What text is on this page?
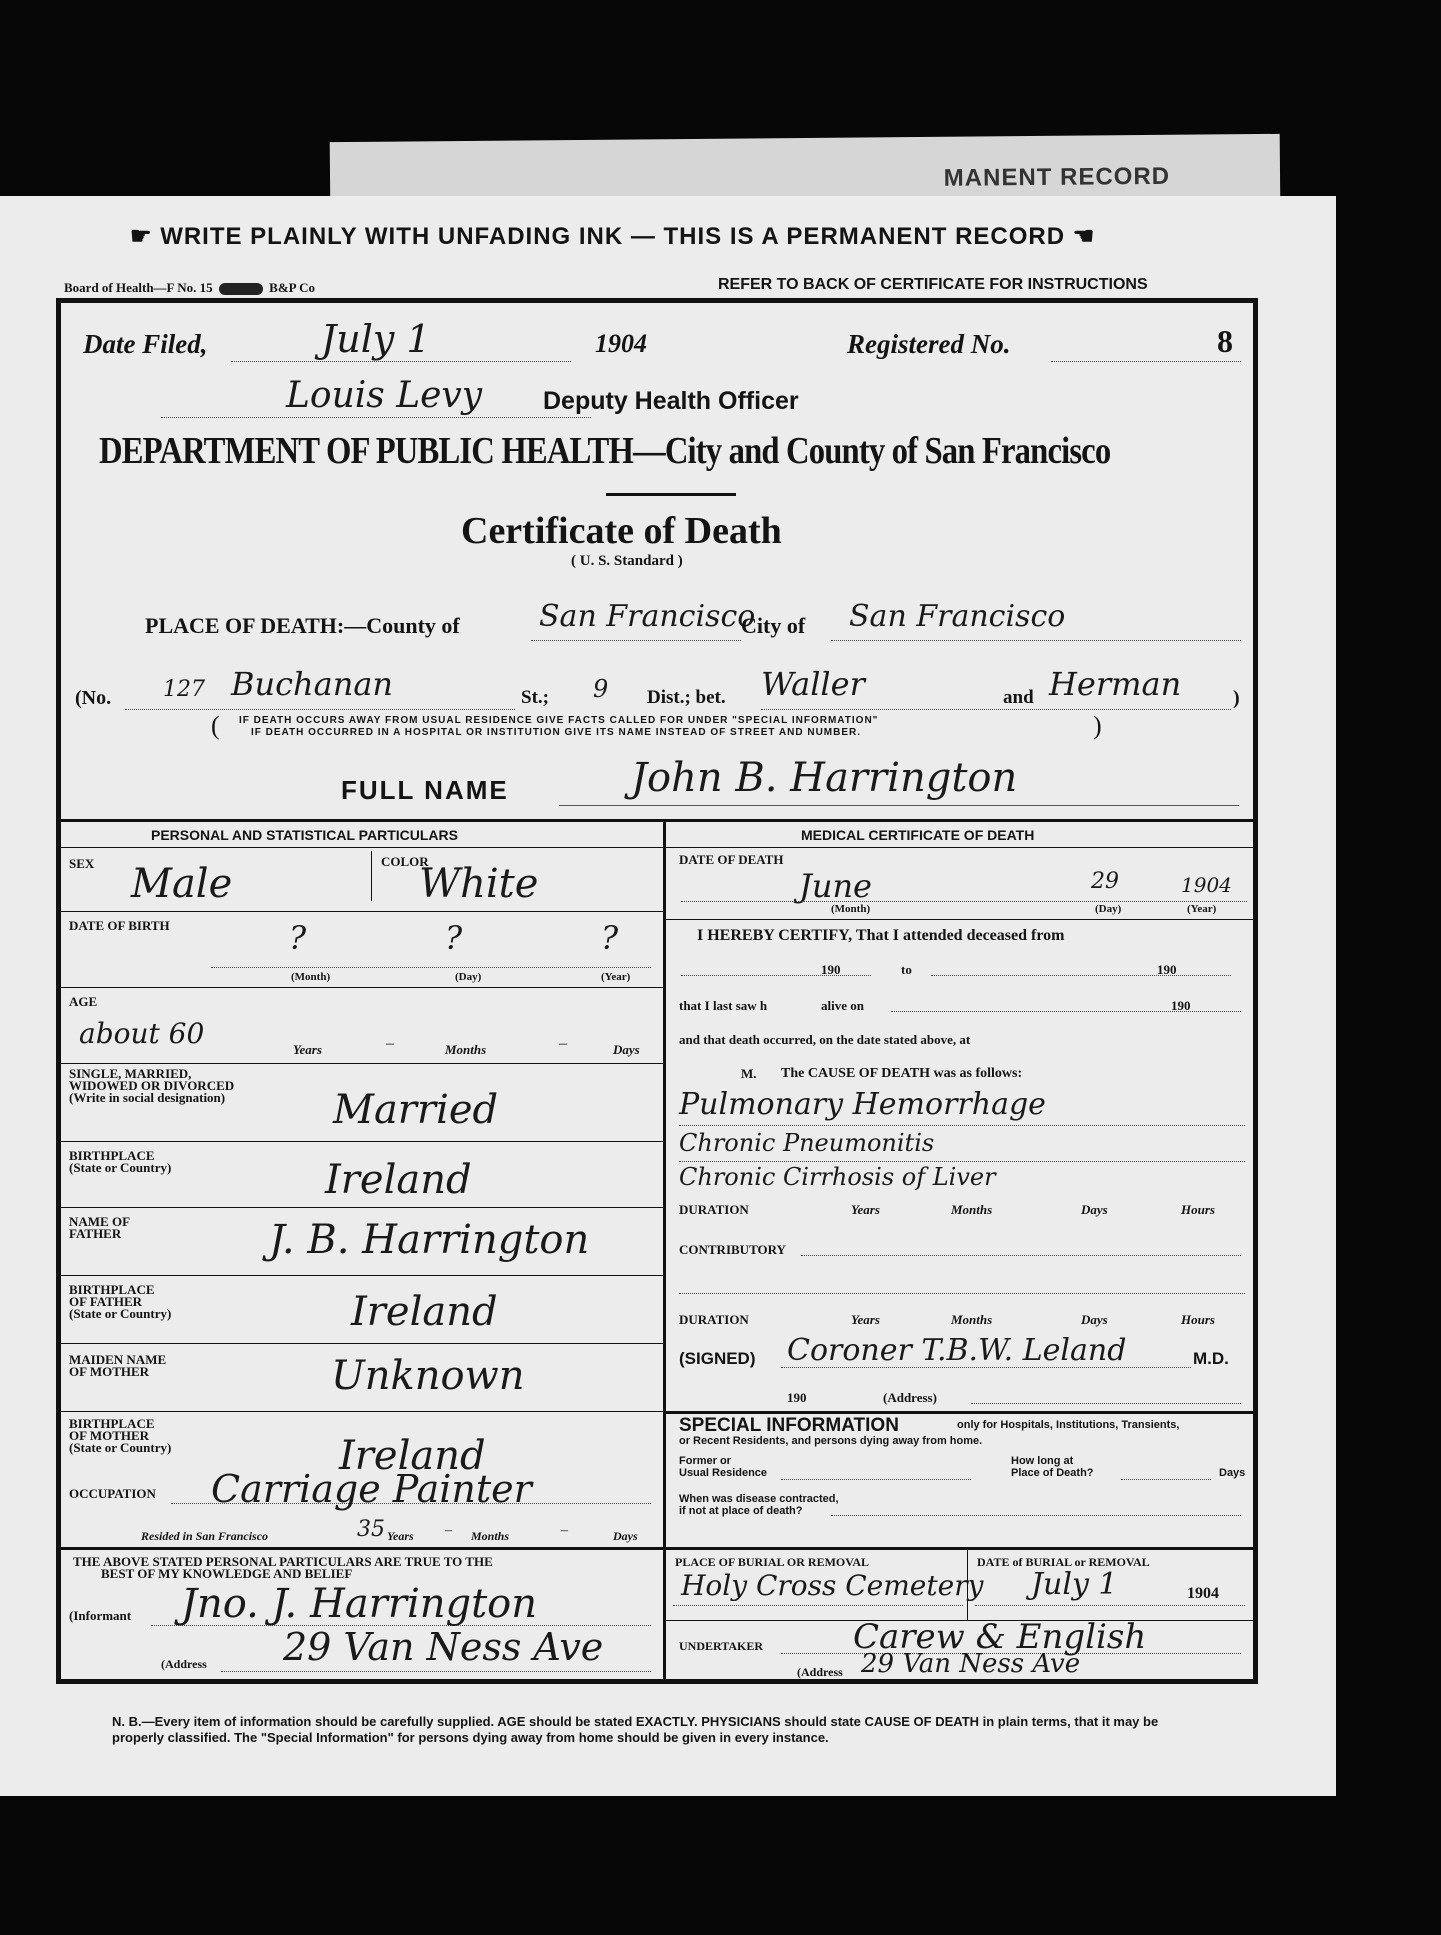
MANENT RECORD
☛ WRITE PLAINLY WITH UNFADING INK — THIS IS A PERMANENT RECORD ☚
Board of Health—F No. 15	B&P Co	REFER TO BACK OF CERTIFICATE FOR INSTRUCTIONS
Date Filed,	July 1	1904	Registered No.	8
Louis Levy Deputy Health Officer
DEPARTMENT OF PUBLIC HEALTH—City and County of San Francisco
Certificate of Death
( U. S. Standard )
PLACE OF DEATH:—County of	San Francisco
City of San Francisco
(No. 127 Buchanan	St.; 9 Dist.; bet. Waller	and Herman	)
(	)
IF DEATH OCCURS AWAY FROM USUAL RESIDENCE GIVE FACTS CALLED FOR UNDER "SPECIAL INFORMATION"
IF DEATH OCCURRED IN A HOSPITAL OR INSTITUTION GIVE ITS NAME INSTEAD OF STREET AND NUMBER.
FULL NAME	John B. Harrington
PERSONAL AND STATISTICAL PARTICULARS
SEX Male	COLOR
White
DATE OF BIRTH	?	?	?
(Month)	(Day)	(Year)
AGE
about 60	Years	–	Months	–	Days
SINGLE, MARRIED,
WIDOWED OR DIVORCED
(Write in social designation)	Married
BIRTHPLACE
(State or Country)	Ireland
NAME OF
FATHER	J. B. Harrington
BIRTHPLACE
OF FATHER
(State or Country)	Ireland
MAIDEN NAME
OF MOTHER	Unknown
BIRTHPLACE
OF MOTHER
(State or Country)	Ireland
OCCUPATION Carriage Painter
Resided in San Francisco	35 Years – Months	–	Days
THE ABOVE STATED PERSONAL PARTICULARS ARE TRUE TO THE
BEST OF MY KNOWLEDGE AND BELIEF
(Informant Jno. J. Harrington
(Address 29 Van Ness Ave
MEDICAL CERTIFICATE OF DEATH
DATE OF DEATH
June	29	1904
(Month)	(Day)	(Year)
I HEREBY CERTIFY, That I attended deceased from
190	to	190
that I last saw h	alive on	190
and that death occurred, on the date stated above, at
M. The CAUSE OF DEATH was as follows:
Pulmonary Hemorrhage
Chronic Pneumonitis
Chronic Cirrhosis of Liver
DURATION	Years	Months	Days	Hours
CONTRIBUTORY
DURATION	Years	Months	Days	Hours
(SIGNED) Coroner T.B.W. Leland	M.D.
190	(Address)
SPECIAL INFORMATION	only for Hospitals, Institutions, Transients,
or Recent Residents, and persons dying away from home.
Former or
Usual Residence
How long at
Place of Death?	Days
When was disease contracted,
if not at place of death?
PLACE OF BURIAL OR REMOVAL	DATE of BURIAL or REMOVAL
Holy Cross Cemetery July 1	1904
UNDERTAKER	Carew & English
(Address 29 Van Ness Ave
N. B.—Every item of information should be carefully supplied. AGE should be stated EXACTLY. PHYSICIANS should state CAUSE OF DEATH in plain terms, that it may be properly classified. The "Special Information" for persons dying away from home should be given in every instance.
